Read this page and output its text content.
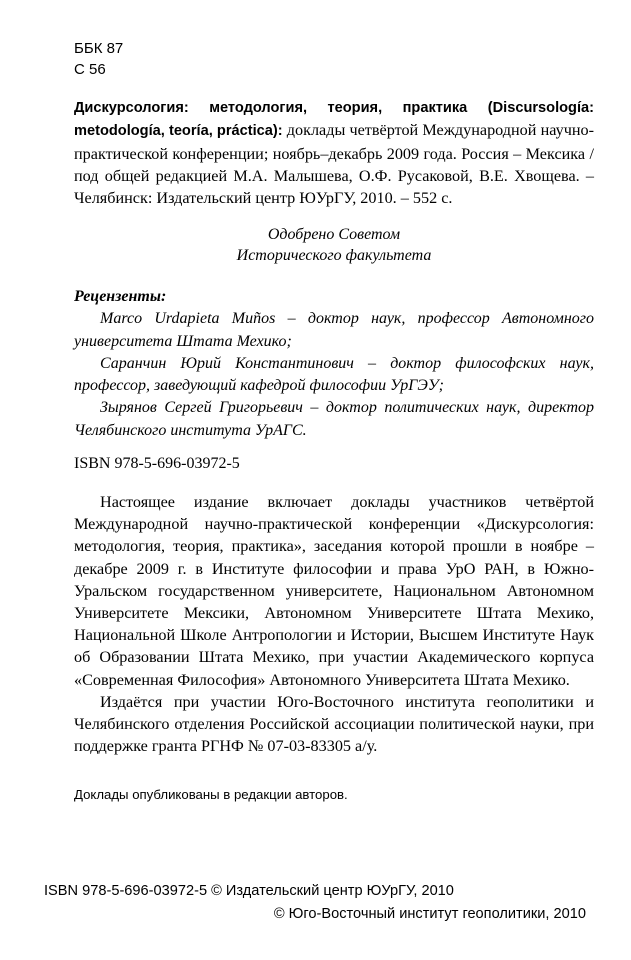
ББК 87
С 56
Дискурсология: методология, теория, практика (Discursología: metodología, teoría, práctica): доклады четвёртой Международной научно-практической конференции; ноябрь–декабрь 2009 года. Россия – Мексика / под общей редакцией М.А. Малышева, О.Ф. Русаковой, В.Е. Хвощева. – Челябинск: Издательский центр ЮУрГУ, 2010. – 552 с.
Одобрено Советом
Исторического факультета
Рецензенты:

Marco Urdapieta Muños – доктор наук, профессор Автономного университета Штата Мехико;

Саранчин Юрий Константинович – доктор философских наук, профессор, заведующий кафедрой философии УрГЭУ;

Зырянов Сергей Григорьевич – доктор политических наук, директор Челябинского института УрАГС.

ISBN 978-5-696-03972-5

Настоящее издание включает доклады участников четвёртой Международной научно-практической конференции «Дискурсология: методология, теория, практика», заседания которой прошли в ноябре – декабре 2009 г. в Институте философии и права УрО РАН, в Южно-Уральском государственном университете, Национальном Автономном Университете Мексики, Автономном Университете Штата Мехико, Национальной Школе Антропологии и Истории, Высшем Институте Наук об Образовании Штата Мехико, при участии Академического корпуса «Современная Философия» Автономного Университета Штата Мехико.

Издаётся при участии Юго-Восточного института геополитики и Челябинского отделения Российской ассоциации политической науки, при поддержке гранта РГНФ № 07-03-83305 а/у.

Доклады опубликованы в редакции авторов.
ISBN 978-5-696-03972-5 © Издательский центр ЮУрГУ, 2010
© Юго-Восточный институт геополитики, 2010
